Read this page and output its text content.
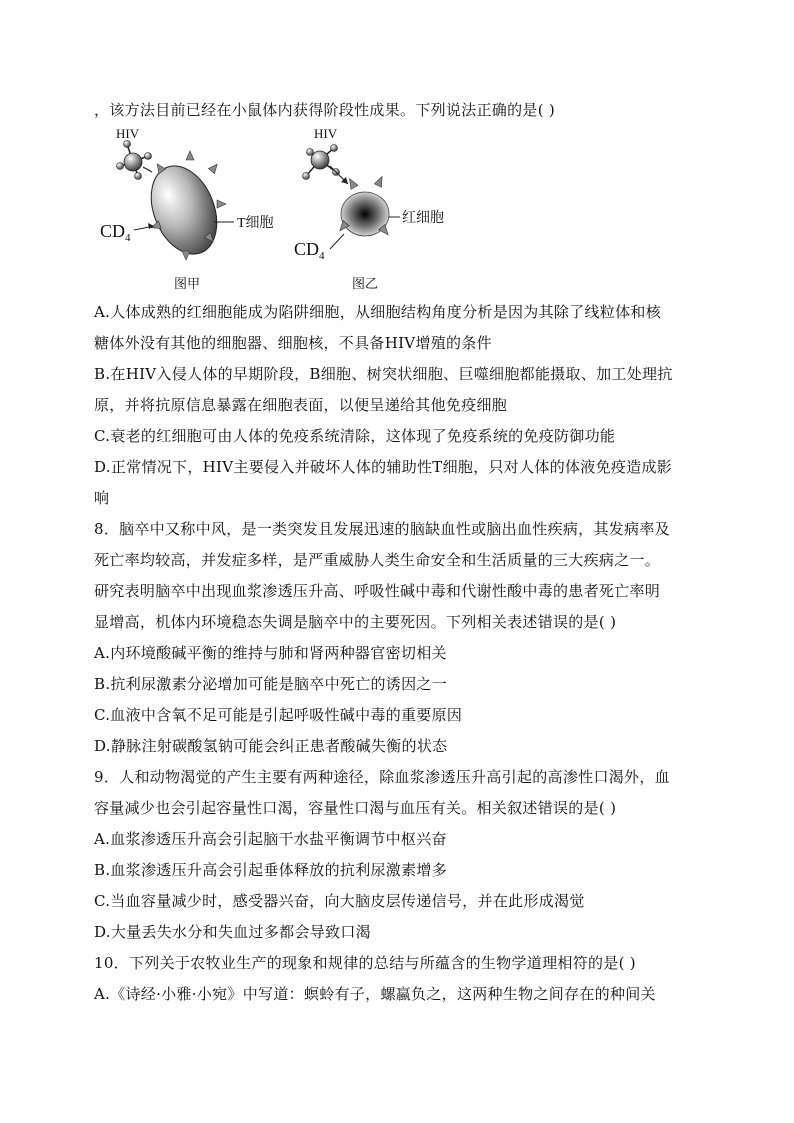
，该方法目前已经在小鼠体内获得阶段性成果。下列说法正确的是( )
A.人体成熟的红细胞能成为陷阱细胞，从细胞结构角度分析是因为其除了线粒体和核
糖体外没有其他的细胞器、细胞核，不具备HIV增殖的条件
B.在HIV入侵人体的早期阶段，B细胞、树突状细胞、巨噬细胞都能摄取、加工处理抗
原，并将抗原信息暴露在细胞表面，以便呈递给其他免疫细胞
C.衰老的红细胞可由人体的免疫系统清除，这体现了免疫系统的免疫防御功能
D.正常情况下，HIV主要侵入并破坏人体的辅助性T细胞，只对人体的体液免疫造成影
响
8．脑卒中又称中风，是一类突发且发展迅速的脑缺血性或脑出血性疾病，其发病率及
死亡率均较高，并发症多样，是严重威胁人类生命安全和生活质量的三大疾病之一。
研究表明脑卒中出现血浆渗透压升高、呼吸性碱中毒和代谢性酸中毒的患者死亡率明
显增高，机体内环境稳态失调是脑卒中的主要死因。下列相关表述错误的是( )
A.内环境酸碱平衡的维持与肺和肾两种器官密切相关
B.抗利尿激素分泌增加可能是脑卒中死亡的诱因之一
C.血液中含氧不足可能是引起呼吸性碱中毒的重要原因
D.静脉注射碳酸氢钠可能会纠正患者酸碱失衡的状态
9．人和动物渴觉的产生主要有两种途径，除血浆渗透压升高引起的高渗性口渴外，血
容量减少也会引起容量性口渴，容量性口渴与血压有关。相关叙述错误的是( )
A.血浆渗透压升高会引起脑干水盐平衡调节中枢兴奋
B.血浆渗透压升高会引起垂体释放的抗利尿激素增多
C.当血容量减少时，感受器兴奋，向大脑皮层传递信号，并在此形成渴觉
D.大量丢失水分和失血过多都会导致口渴
10．下列关于农牧业生产的现象和规律的总结与所蕴含的生物学道理相符的是( )
A.《诗经·小雅·小宛》中写道：螟蛉有子，螺蠃负之，这两种生物之间存在的种间关
HIV
$CD_4$
T细胞
图甲
HIV
红细胞
$CD_4$
图乙
